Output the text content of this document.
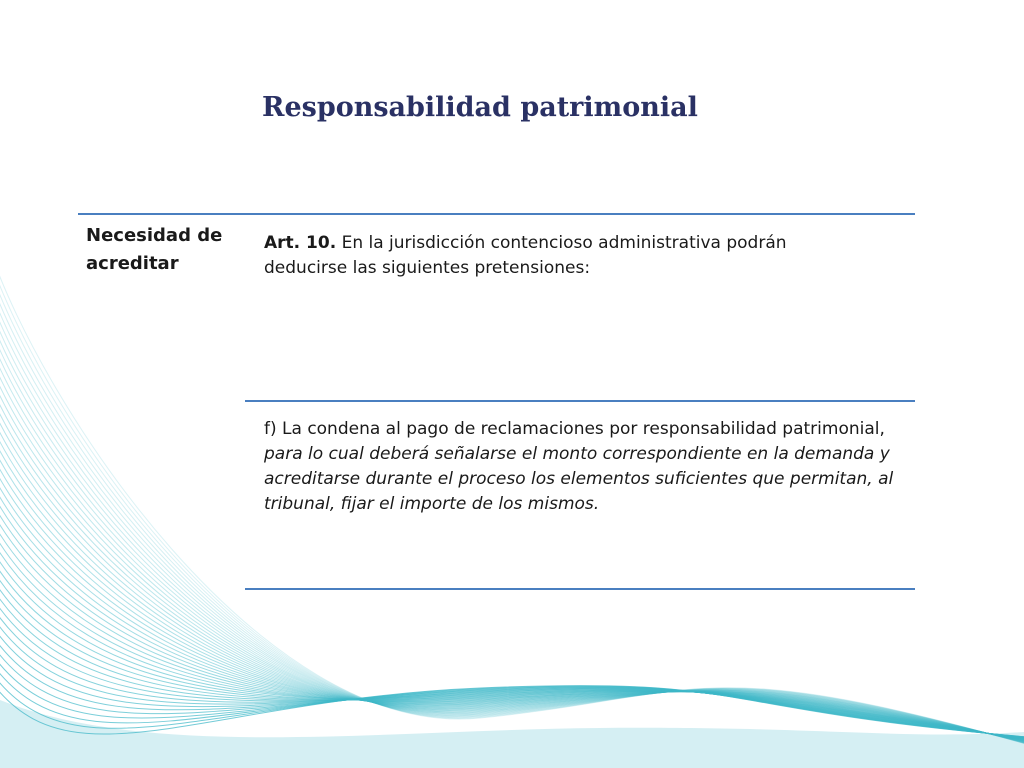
Responsabilidad patrimonial
Necesidad de acreditar
Art. 10. En la jurisdicción contencioso administrativa podrán deducirse las siguientes pretensiones:
f) La condena al pago de reclamaciones por responsabilidad patrimonial, para lo cual deberá señalarse el monto correspondiente en la demanda y acreditarse durante el proceso los elementos suficientes que permitan, al tribunal, fijar el importe de los mismos.
